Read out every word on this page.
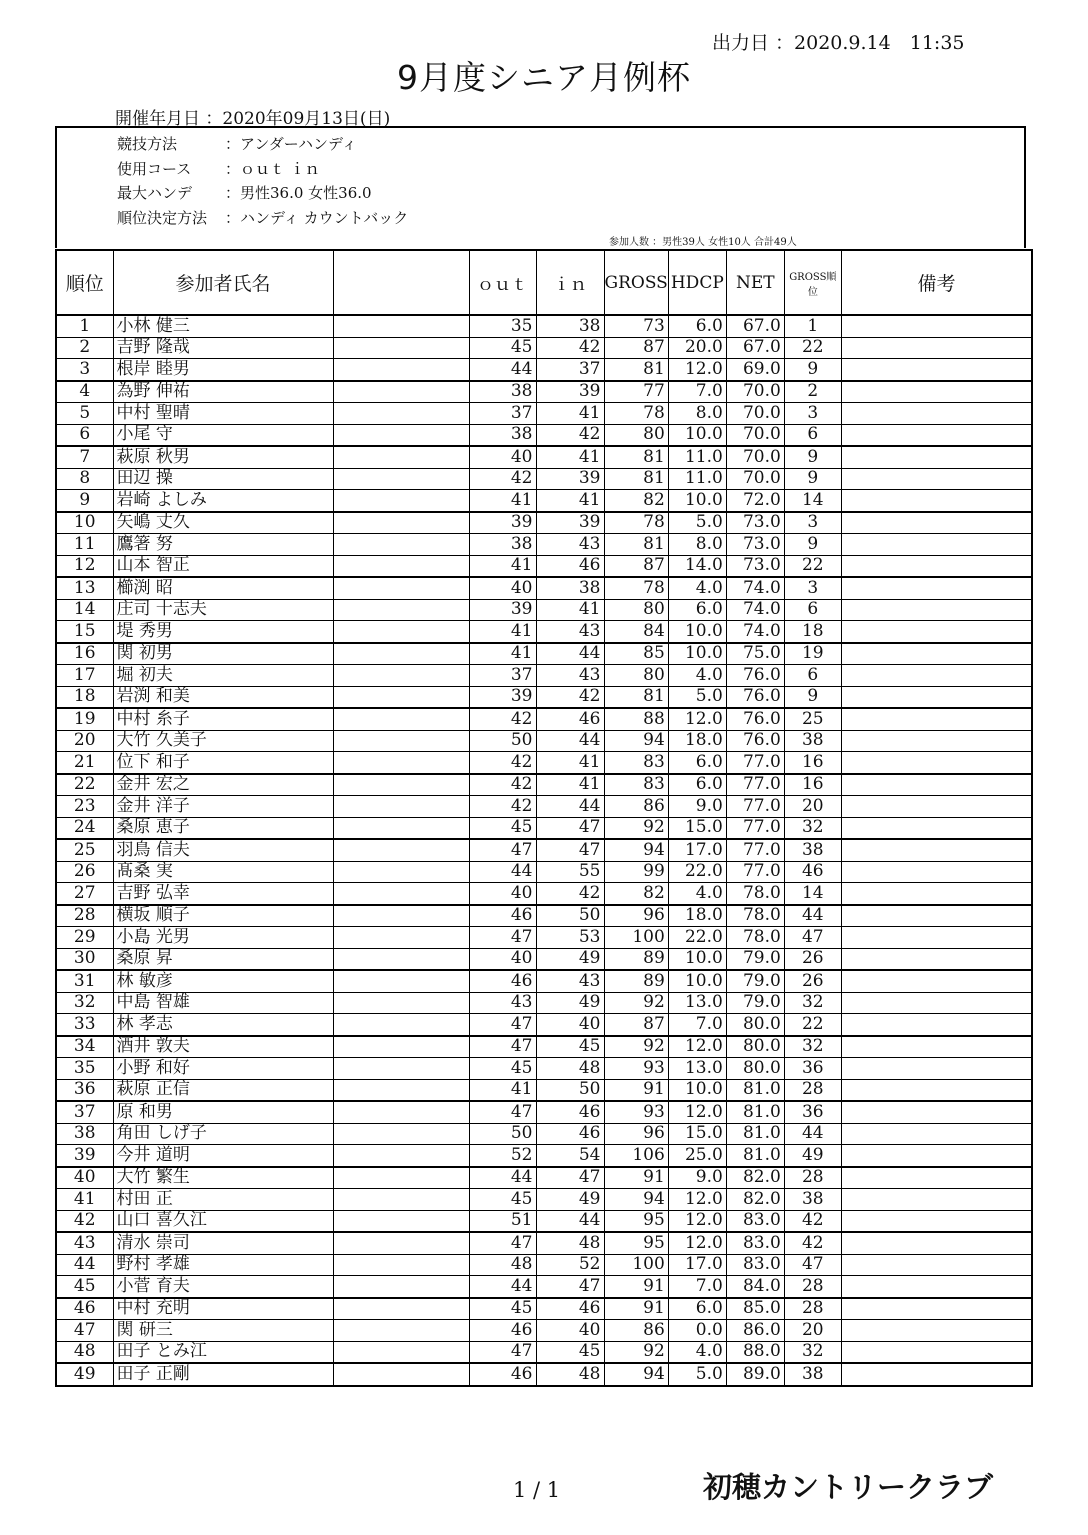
出力日 ：2020.9.14　11:35
9月度シニア月例杯
開催年月日 ：2020年09月13日(日)
競技方法	：アンダーハンディ
使用コース ：ｏｕｔ ｉｎ
最大ハンデ ：男性36.0 女性36.0
順位決定方法 ：ハンディ カウントバック
参加人数 ：男性39人 女性10人 合計49人
順位	参加者氏名		ｏｕｔ	ｉｎ	GROSS	HDCP	NET	GROSS順位	備考
1	小林 健三		35	38	73	6.0	67.0	1	
2	吉野 隆哉		45	42	87	20.0	67.0	22	
3	根岸 睦男		44	37	81	12.0	69.0	9	
4	為野 伸祐		38	39	77	7.0	70.0	2	
5	中村 聖晴		37	41	78	8.0	70.0	3	
6	小尾 守		38	42	80	10.0	70.0	6	
7	萩原 秋男		40	41	81	11.0	70.0	9	
8	田辺 操		42	39	81	11.0	70.0	9	
9	岩崎 よしみ		41	41	82	10.0	72.0	14	
10	矢嶋 丈久		39	39	78	5.0	73.0	3	
11	鷹箸 努		38	43	81	8.0	73.0	9	
12	山本 智正		41	46	87	14.0	73.0	22	
13	櫛渕 昭		40	38	78	4.0	74.0	3	
14	庄司 十志夫		39	41	80	6.0	74.0	6	
15	堤 秀男		41	43	84	10.0	74.0	18	
16	関 初男		41	44	85	10.0	75.0	19	
17	堀 初夫		37	43	80	4.0	76.0	6	
18	岩渕 和美		39	42	81	5.0	76.0	9	
19	中村 糸子		42	46	88	12.0	76.0	25	
20	大竹 久美子		50	44	94	18.0	76.0	38	
21	位下 和子		42	41	83	6.0	77.0	16	
22	金井 宏之		42	41	83	6.0	77.0	16	
23	金井 洋子		42	44	86	9.0	77.0	20	
24	桑原 恵子		45	47	92	15.0	77.0	32	
25	羽鳥 信夫		47	47	94	17.0	77.0	38	
26	髙桑 実		44	55	99	22.0	77.0	46	
27	吉野 弘幸		40	42	82	4.0	78.0	14	
28	横坂 順子		46	50	96	18.0	78.0	44	
29	小島 光男		47	53	100	22.0	78.0	47	
30	桑原 昇		40	49	89	10.0	79.0	26	
31	林 敏彦		46	43	89	10.0	79.0	26	
32	中島 智雄		43	49	92	13.0	79.0	32	
33	林 孝志		47	40	87	7.0	80.0	22	
34	酒井 敦夫		47	45	92	12.0	80.0	32	
35	小野 和好		45	48	93	13.0	80.0	36	
36	萩原 正信		41	50	91	10.0	81.0	28	
37	原 和男		47	46	93	12.0	81.0	36	
38	角田 しげ子		50	46	96	15.0	81.0	44	
39	今井 道明		52	54	106	25.0	81.0	49	
40	大竹 繁生		44	47	91	9.0	82.0	28	
41	村田 正		45	49	94	12.0	82.0	38	
42	山口 喜久江		51	44	95	12.0	83.0	42	
43	清水 崇司		47	48	95	12.0	83.0	42	
44	野村 孝雄		48	52	100	17.0	83.0	47	
45	小菅 育夫		44	47	91	7.0	84.0	28	
46	中村 充明		45	46	91	6.0	85.0	28	
47	関 研三		46	40	86	0.0	86.0	20	
48	田子 とみ江		47	45	92	4.0	88.0	32	
49	田子 正剛		46	48	94	5.0	89.0	38	
1 / 1	初穂カントリークラブ
